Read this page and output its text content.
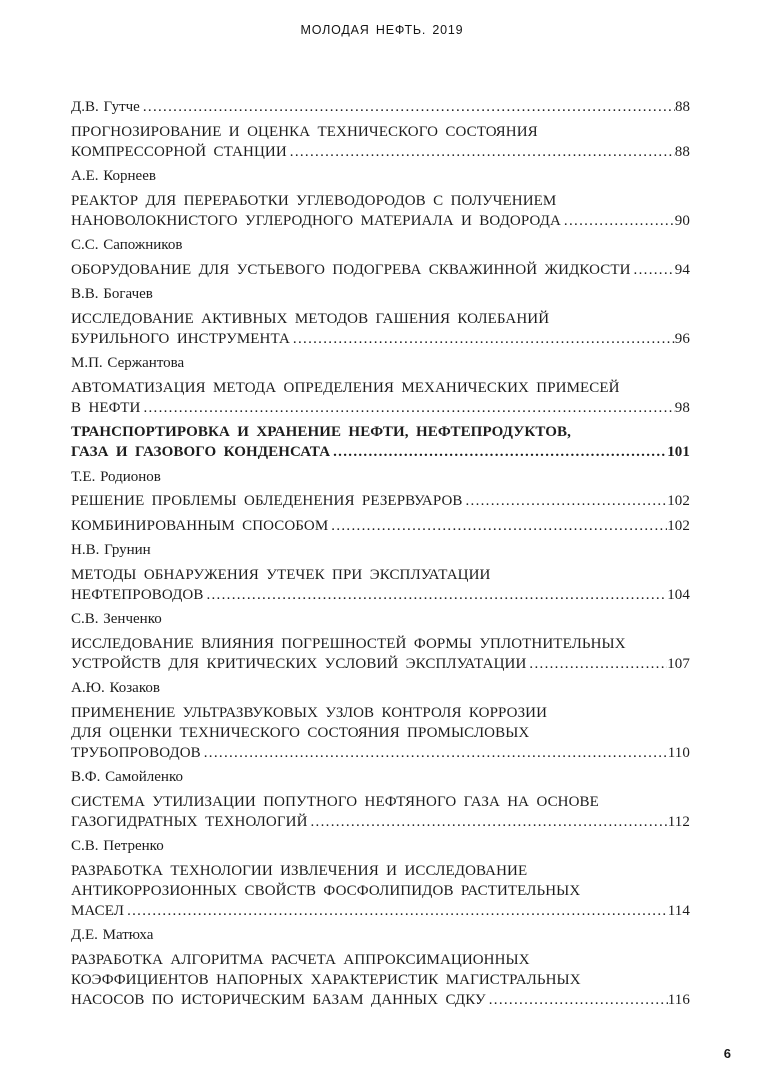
МОЛОДАЯ НЕФТЬ. 2019
Д.В. Гутче .....	88
ПРОГНОЗИРОВАНИЕ И ОЦЕНКА ТЕХНИЧЕСКОГО СОСТОЯНИЯ
КОМПРЕССОРНОЙ СТАНЦИИ .....	88
А.Е. Корнеев
РЕАКТОР ДЛЯ ПЕРЕРАБОТКИ УГЛЕВОДОРОДОВ С ПОЛУЧЕНИЕМ
НАНОВОЛОКНИСТОГО УГЛЕРОДНОГО МАТЕРИАЛА И ВОДОРОДА .....	90
С.С. Сапожников
ОБОРУДОВАНИЕ ДЛЯ УСТЬЕВОГО ПОДОГРЕВА СКВАЖИННОЙ ЖИДКОСТИ .....	94
В.В. Богачев
ИССЛЕДОВАНИЕ АКТИВНЫХ МЕТОДОВ ГАШЕНИЯ КОЛЕБАНИЙ
БУРИЛЬНОГО ИНСТРУМЕНТА .....	96
М.П. Сержантова
АВТОМАТИЗАЦИЯ МЕТОДА ОПРЕДЕЛЕНИЯ МЕХАНИЧЕСКИХ ПРИМЕСЕЙ
В НЕФТИ .....	98
ТРАНСПОРТИРОВКА И ХРАНЕНИЕ НЕФТИ, НЕФТЕПРОДУКТОВ,
ГАЗА И ГАЗОВОГО КОНДЕНСАТА .....	101
Т.Е. Родионов
РЕШЕНИЕ ПРОБЛЕМЫ ОБЛЕДЕНЕНИЯ РЕЗЕРВУАРОВ .....	102
КОМБИНИРОВАННЫМ СПОСОБОМ .....	102
Н.В. Грунин
МЕТОДЫ ОБНАРУЖЕНИЯ УТЕЧЕК ПРИ ЭКСПЛУАТАЦИИ
НЕФТЕПРОВОДОВ .....	104
С.В. Зенченко
ИССЛЕДОВАНИЕ ВЛИЯНИЯ ПОГРЕШНОСТЕЙ ФОРМЫ УПЛОТНИТЕЛЬНЫХ
УСТРОЙСТВ ДЛЯ КРИТИЧЕСКИХ УСЛОВИЙ ЭКСПЛУАТАЦИИ .....	107
А.Ю. Козаков
ПРИМЕНЕНИЕ УЛЬТРАЗВУКОВЫХ УЗЛОВ КОНТРОЛЯ КОРРОЗИИ
ДЛЯ ОЦЕНКИ ТЕХНИЧЕСКОГО СОСТОЯНИЯ ПРОМЫСЛОВЫХ
ТРУБОПРОВОДОВ .....	110
В.Ф. Самойленко
СИСТЕМА УТИЛИЗАЦИИ ПОПУТНОГО НЕФТЯНОГО ГАЗА НА ОСНОВЕ
ГАЗОГИДРАТНЫХ ТЕХНОЛОГИЙ .....	112
С.В. Петренко
РАЗРАБОТКА ТЕХНОЛОГИИ ИЗВЛЕЧЕНИЯ И ИССЛЕДОВАНИЕ
АНТИКОРРОЗИОННЫХ СВОЙСТВ ФОСФОЛИПИДОВ РАСТИТЕЛЬНЫХ
МАСЕЛ .....	114
Д.Е. Матюха
РАЗРАБОТКА АЛГОРИТМА РАСЧЕТА АППРОКСИМАЦИОННЫХ
КОЭФФИЦИЕНТОВ НАПОРНЫХ ХАРАКТЕРИСТИК МАГИСТРАЛЬНЫХ
НАСОСОВ ПО ИСТОРИЧЕСКИМ БАЗАМ ДАННЫХ СДКУ .....	116
6
